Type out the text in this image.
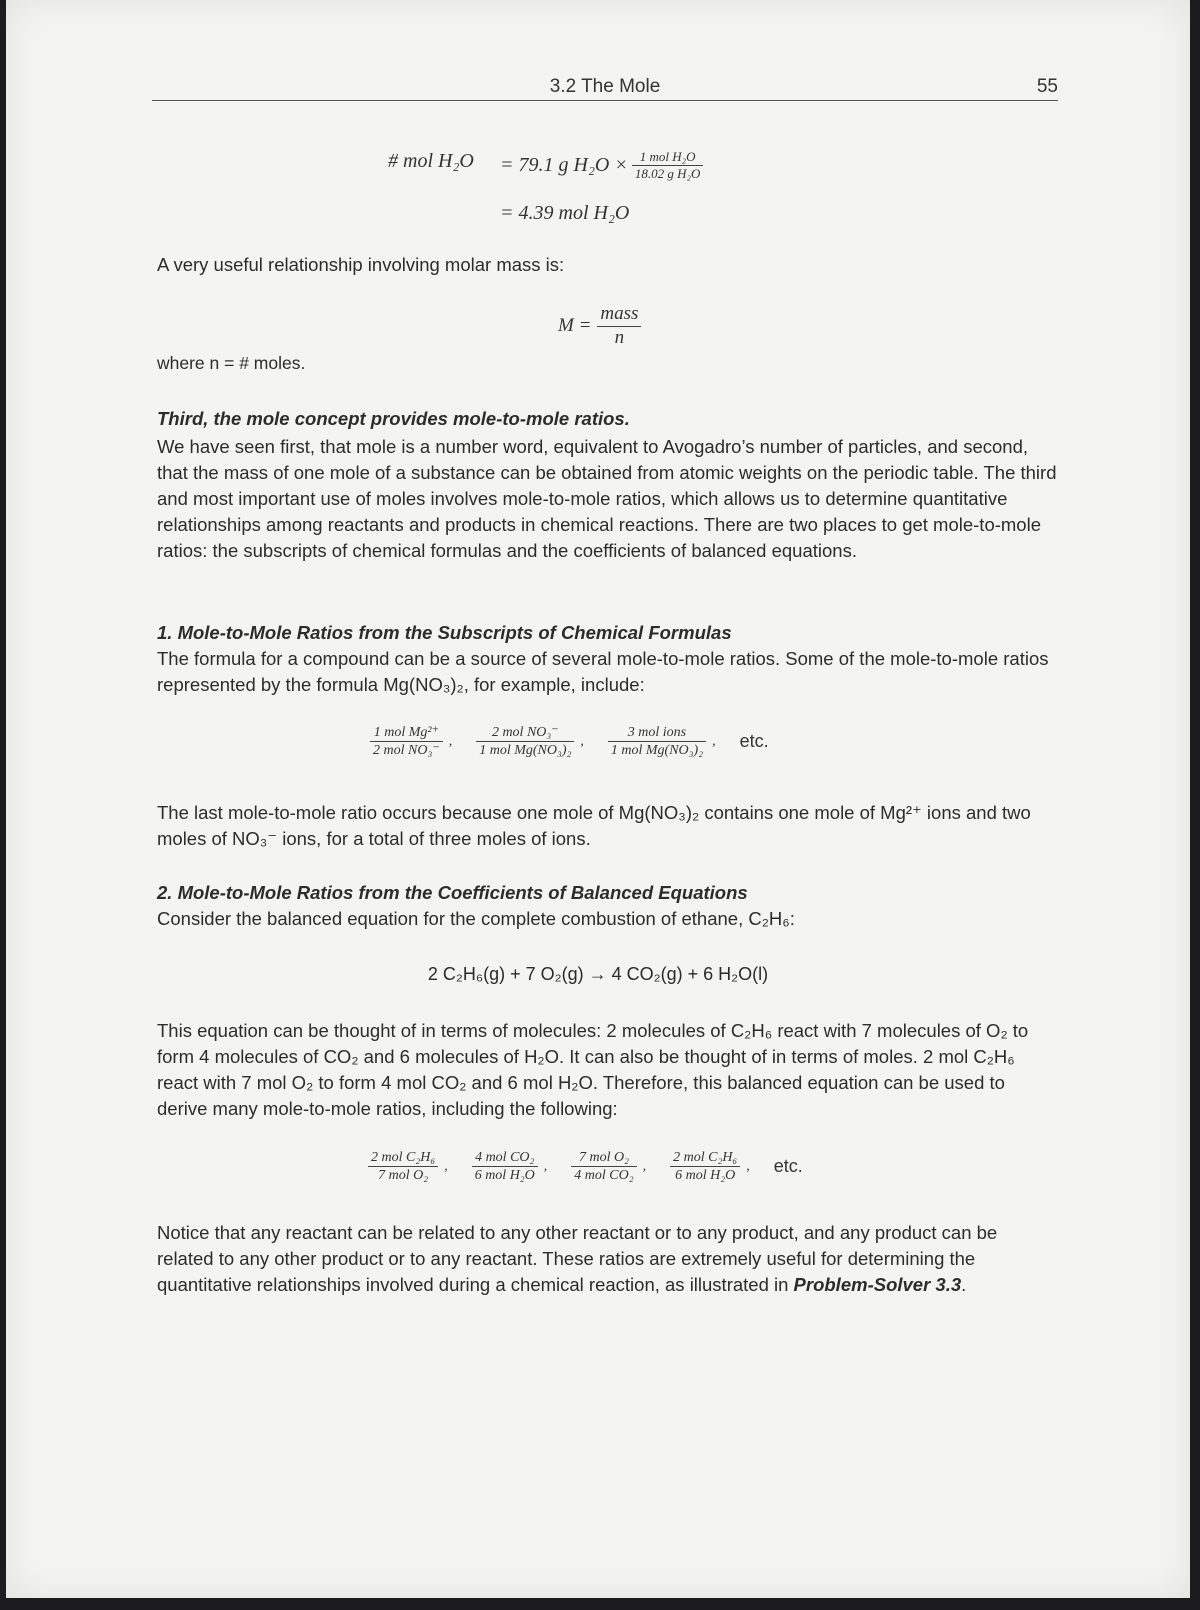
3.2 The Mole	55
# mol H₂O = 79.1 g $H_2O \times \frac{\text{1 mol H₂O}}{\text{18.02 g H₂O}}$
= 4.39 mol H₂O
A very useful relationship involving molar mass is:
$M = \frac{\text{mass}}{n}$
where n = # moles.
Third, the mole concept provides mole-to-mole ratios.
We have seen first, that mole is a number word, equivalent to Avogadro’s number of particles, and second, that the mass of one mole of a substance can be obtained from atomic weights on the periodic table. The third and most important use of moles involves mole-to-mole ratios, which allows us to determine quantitative relationships among reactants and products in chemical reactions. There are two places to get mole-to-mole ratios: the subscripts of chemical formulas and the coefficients of balanced equations.
1. Mole-to-Mole Ratios from the Subscripts of Chemical Formulas
The formula for a compound can be a source of several mole-to-mole ratios. Some of the mole-to-mole ratios represented by the formula Mg(NO₃)₂, for example, include:
$\frac{\text{1 mol Mg²⁺}}{\text{2 mol NO₃⁻}}$ , $\frac{\text{2 mol NO₃⁻}}{\text{1 mol Mg(NO₃)₂}}$ , $\frac{\text{3 mol ions}}{\text{1 mol Mg(NO₃)₂}}$ , etc.
The last mole-to-mole ratio occurs because one mole of Mg(NO₃)₂ contains one mole of Mg²⁺ ions and two moles of NO₃⁻ ions, for a total of three moles of ions.
2. Mole-to-Mole Ratios from the Coefficients of Balanced Equations
Consider the balanced equation for the complete combustion of ethane, C₂H₆:
2 C₂H₆(g) + 7 O₂(g) → 4 CO₂(g) + 6 H₂O(l)
This equation can be thought of in terms of molecules: 2 molecules of C₂H₆ react with 7 molecules of O₂ to form 4 molecules of CO₂ and 6 molecules of H₂O. It can also be thought of in terms of moles. 2 mol C₂H₆ react with 7 mol O₂ to form 4 mol CO₂ and 6 mol H₂O. Therefore, this balanced equation can be used to derive many mole-to-mole ratios, including the following:
$\frac{\text{2 mol C₂H₆}}{\text{7 mol O₂}}$ , $\frac{\text{4 mol CO₂}}{\text{6 mol H₂O}}$ , $\frac{\text{7 mol O₂}}{\text{4 mol CO₂}}$ , $\frac{\text{2 mol C₂H₆}}{\text{6 mol H₂O}}$ , etc.
Notice that any reactant can be related to any other reactant or to any product, and any product can be related to any other product or to any reactant. These ratios are extremely useful for determining the quantitative relationships involved during a chemical reaction, as illustrated in Problem-Solver 3.3.
